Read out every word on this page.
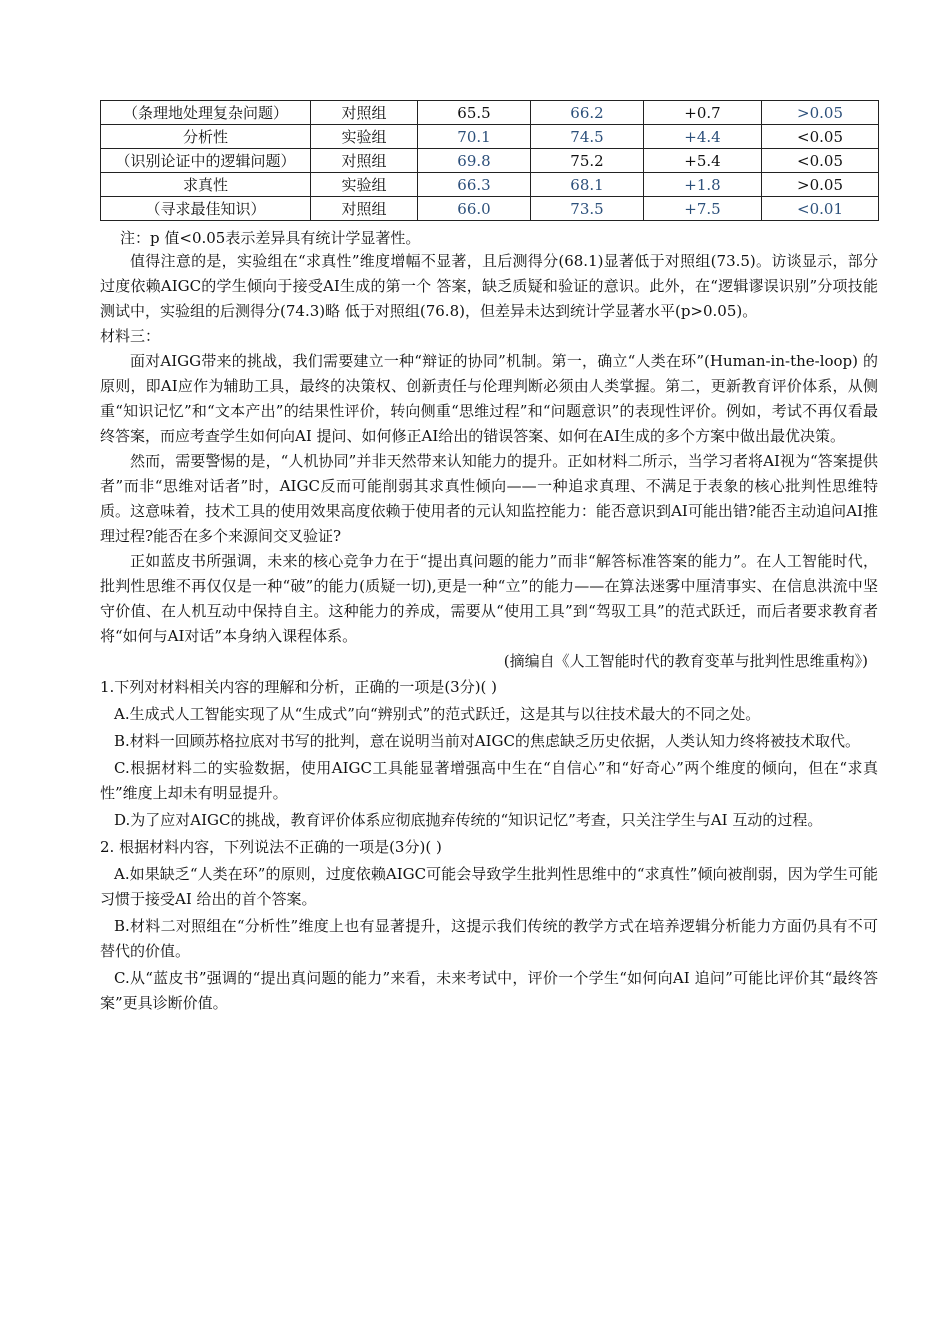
（条理地处理复杂问题）	对照组	65.5	66.2	+0.7	>0.05
分析性	实验组	70.1	74.5	+4.4	<0.05
（识别论证中的逻辑问题）	对照组	69.8	75.2	+5.4	<0.05
求真性	实验组	66.3	68.1	+1.8	>0.05
（寻求最佳知识）	对照组	66.0	73.5	+7.5	<0.01
注：p 值<0.05表示差异具有统计学显著性。

值得注意的是，实验组在“求真性”维度增幅不显著，且后测得分(68.1)显著低于对照组(73.5)。访谈显示，部分过度依赖AIGC的学生倾向于接受AI生成的第一个 答案，缺乏质疑和验证的意识。此外，在“逻辑谬误识别”分项技能测试中，实验组的后测得分(74.3)略 低于对照组(76.8)，但差异未达到统计学显著水平(p>0.05)。

材料三：

面对AIGG带来的挑战，我们需要建立一种“辩证的协同”机制。第一，确立“人类在环”(Human-in-the-loop) 的原则，即AI应作为辅助工具，最终的决策权、创新责任与伦理判断必须由人类掌握。第二，更新教育评价体系，从侧重“知识记忆”和“文本产出”的结果性评价，转向侧重“思维过程”和“问题意识”的表现性评价。例如，考试不再仅看最终答案，而应考查学生如何向AI 提问、如何修正AI给出的错误答案、如何在AI生成的多个方案中做出最优决策。

然而，需要警惕的是，“人机协同”并非天然带来认知能力的提升。正如材料二所示，当学习者将AI视为“答案提供者”而非“思维对话者”时，AIGC反而可能削弱其求真性倾向——一种追求真理、不满足于表象的核心批判性思维特质。这意味着，技术工具的使用效果高度依赖于使用者的元认知监控能力：能否意识到AI可能出错?能否主动追问AI推理过程?能否在多个来源间交叉验证?

正如蓝皮书所强调，未来的核心竞争力在于“提出真问题的能力”而非“解答标准答案的能力”。在人工智能时代，批判性思维不再仅仅是一种“破”的能力(质疑一切),更是一种“立”的能力——在算法迷雾中厘清事实、在信息洪流中坚守价值、在人机互动中保持自主。这种能力的养成，需要从“使用工具”到“驾驭工具”的范式跃迁，而后者要求教育者将“如何与AI对话”本身纳入课程体系。

(摘编自《人工智能时代的教育变革与批判性思维重构》)
1.下列对材料相关内容的理解和分析，正确的一项是(3分)( )

A.生成式人工智能实现了从“生成式”向“辨别式”的范式跃迁，这是其与以往技术最大的不同之处。

B.材料一回顾苏格拉底对书写的批判，意在说明当前对AIGC的焦虑缺乏历史依据，人类认知力终将被技术取代。

C.根据材料二的实验数据，使用AIGC工具能显著增强高中生在“自信心”和“好奇心”两个维度的倾向，但在“求真性”维度上却未有明显提升。

D.为了应对AIGC的挑战，教育评价体系应彻底抛弃传统的“知识记忆”考查，只关注学生与AI 互动的过程。

2. 根据材料内容，下列说法不正确的一项是(3分)( )

A.如果缺乏“人类在环”的原则，过度依赖AIGC可能会导致学生批判性思维中的“求真性”倾向被削弱，因为学生可能习惯于接受AI 给出的首个答案。

B.材料二对照组在“分析性”维度上也有显著提升，这提示我们传统的教学方式在培养逻辑分析能力方面仍具有不可替代的价值。

C.从“蓝皮书”强调的“提出真问题的能力”来看，未来考试中，评价一个学生“如何向AI 追问”可能比评价其“最终答案”更具诊断价值。
